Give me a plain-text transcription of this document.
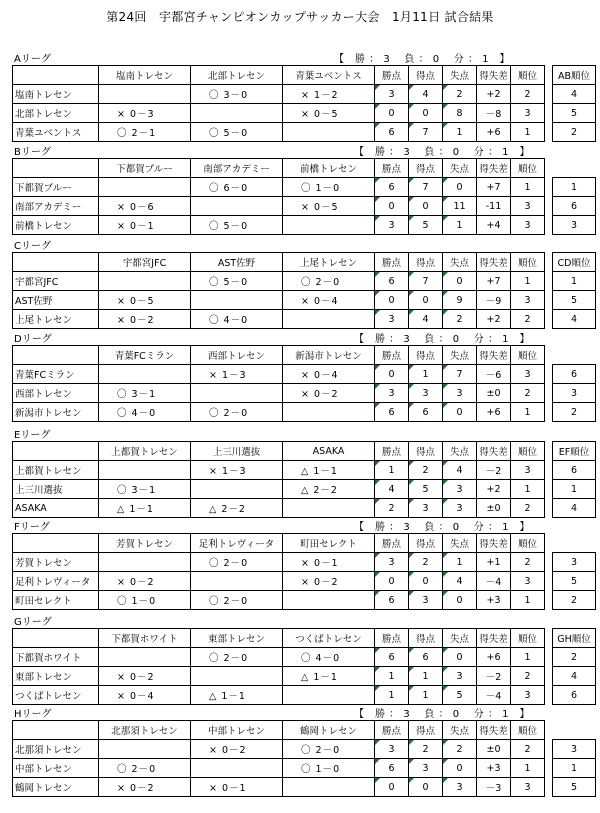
第24回　宇都宮チャンピオンカップサッカー大会　1月11日 試合結果
Aリーグ	【　勝 ： 3　 負 ： 0　 分 ： 1　】
	塩南トレセン	北部トレセン	青葉ユベントス	勝点	得点	失点	得失差	順位		AB順位
塩南トレセン		〇 3－0	× 1－2	3	4	2	+2	2		4
北部トレセン	× 0－3		× 0－5	0	0	8	－8	3		5
青葉ユベントス	〇 2－1	〇 5－0		6	7	1	+6	1		2
Bリーグ	【　勝 ： 3　 負 ： 0　 分 ： 1　】
	下都賀ブルー	南部アカデミー	前橋トレセン	勝点	得点	失点	得失差	順位		
下都賀ブルー		〇 6－0	〇 1－0	6	7	0	+7	1		1
南部アカデミー	× 0－6		× 0－5	0	0	11	-11	3		6
前橋トレセン	× 0－1	〇 5－0		3	5	1	+4	3		3
Cリーグ
	宇都宮JFC	AST佐野	上尾トレセン	勝点	得点	失点	得失差	順位		CD順位
宇都宮JFC		〇 5－0	〇 2－0	6	7	0	+7	1		1
AST佐野	× 0－5		× 0－4	0	0	9	－9	3		5
上尾トレセン	× 0－2	〇 4－0		3	4	2	+2	2		4
Dリーグ	【　勝 ： 3　 負 ： 0　 分 ： 1　】
	青葉FCミラン	西部トレセン	新潟市トレセン	勝点	得点	失点	得失差	順位		
青葉FCミラン		× 1－3	× 0－4	0	1	7	－6	3		6
西部トレセン	〇 3－1		× 0－2	3	3	3	±0	2		3
新潟市トレセン	〇 4－0	〇 2－0		6	6	0	+6	1		2
Eリーグ
	上都賀トレセン	上三川選抜	ASAKA	勝点	得点	失点	得失差	順位		EF順位
上都賀トレセン		× 1－3	△ 1－1	1	2	4	－2	3		6
上三川選抜	〇 3－1		△ 2－2	4	5	3	+2	1		1
ASAKA	△ 1－1	△ 2－2		2	3	3	±0	2		4
Fリーグ	【　勝 ： 3　 負 ： 0　 分 ： 1　】
	芳賀トレセン	足利トレヴィータ	町田セレクト	勝点	得点	失点	得失差	順位		
芳賀トレセン		〇 2－0	× 0－1	3	2	1	+1	2		3
足利トレヴィータ	× 0－2		× 0－2	0	0	4	－4	3		5
町田セレクト	〇 1－0	〇 2－0		6	3	0	+3	1		2
Gリーグ
	下都賀ホワイト	東部トレセン	つくばトレセン	勝点	得点	失点	得失差	順位		GH順位
下都賀ホワイト		〇 2－0	〇 4－0	6	6	0	+6	1		2
東部トレセン	× 0－2		△ 1－1	1	1	3	－2	2		4
つくばトレセン	× 0－4	△ 1－1		1	1	5	－4	3		6
Hリーグ	【　勝 ： 3　 負 ： 0　 分 ： 1　】
	北那須トレセン	中部トレセン	鶴岡トレセン	勝点	得点	失点	得失差	順位		
北那須トレセン		× 0－2	〇 2－0	3	2	2	±0	2		3
中部トレセン	〇 2－0		〇 1－0	6	3	0	+3	1		1
鶴岡トレセン	× 0－2	× 0－1		0	0	3	－3	3		5
